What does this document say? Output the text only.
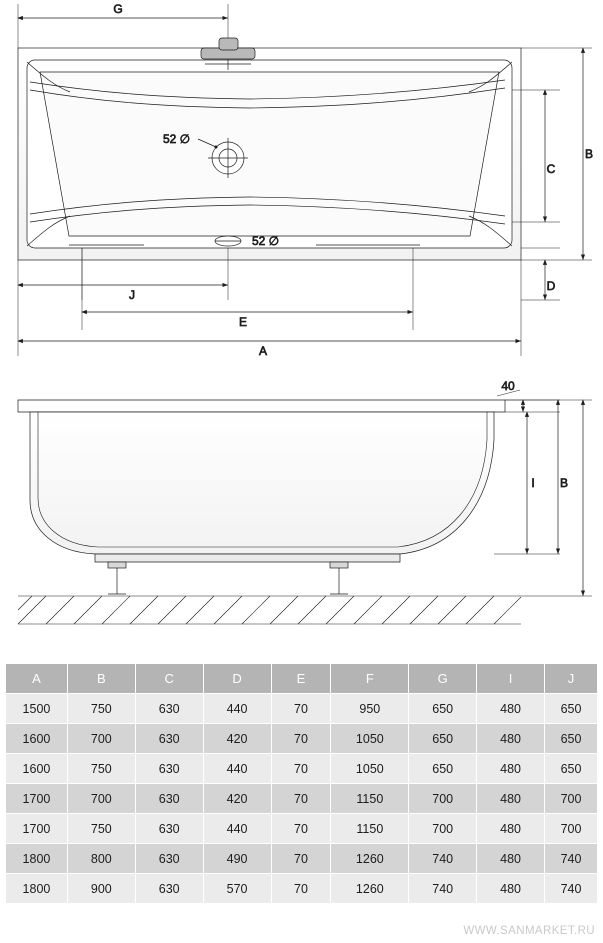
52 ∅
52 ∅
G
A
E
J
B
C
D
40
I B
A	B	C	D	E	F	G	I	J
1500	750	630	440	70	950	650	480	650
1600	700	630	420	70	1050	650	480	650
1600	750	630	440	70	1050	650	480	650
1700	700	630	420	70	1150	700	480	700
1700	750	630	440	70	1150	700	480	700
1800	800	630	490	70	1260	740	480	740
1800	900	630	570	70	1260	740	480	740
WWW.SANMARKET.RU
